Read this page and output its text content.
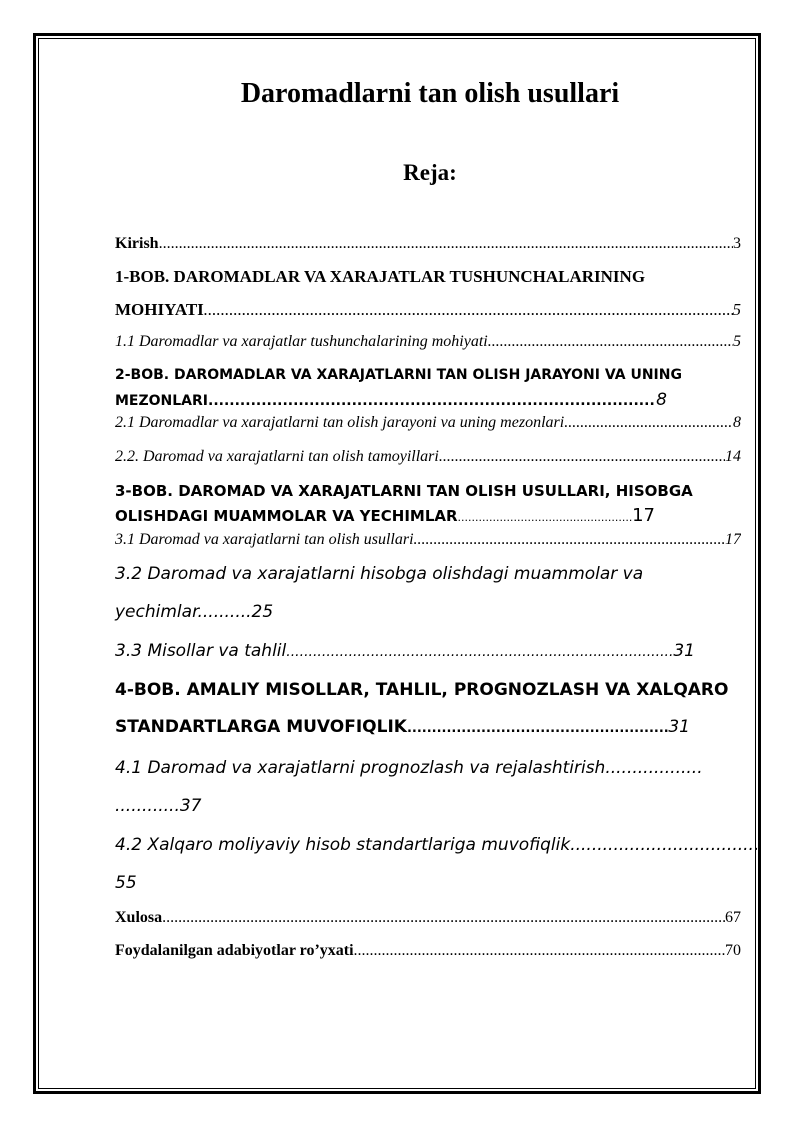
Daromadlarni tan olish usullari
Reja:
Kirish .....	3
1-BOB. DAROMADLAR VA XARAJATLAR TUSHUNCHALARINING
MOHIYATI .....	5
1.1 Daromadlar va xarajatlar tushunchalarining mohiyati .....	5
2-BOB. DAROMADLAR VA XARAJATLARNI TAN OLISH JARAYONI VA UNING
MEZONLARI .....	8
2.1 Daromadlar va xarajatlarni tan olish jarayoni va uning mezonlari .....	8
2.2. Daromad va xarajatlarni tan olish tamoyillari .....	14
3-BOB. DAROMAD VA XARAJATLARNI TAN OLISH USULLARI, HISOBGA
OLISHDAGI MUAMMOLAR VA YECHIMLAR .....	17
3.1 Daromad va xarajatlarni tan olish usullari .....	17
3.2 Daromad va xarajatlarni hisobga olishdagi muammolar va
yechimlar..........25
3.3 Misollar va tahlil .....	31
4-BOB. AMALIY MISOLLAR, TAHLIL, PROGNOZLASH VA XALQARO
STANDARTLARGA MUVOFIQLIK .....	31
4.1 Daromad va xarajatlarni prognozlash va rejalashtirish..................
............37
4.2 Xalqaro moliyaviy hisob standartlariga muvofiqlik...................................
55
Xulosa .....	67
Foydalanilgan adabiyotlar ro’yxati .....	70
